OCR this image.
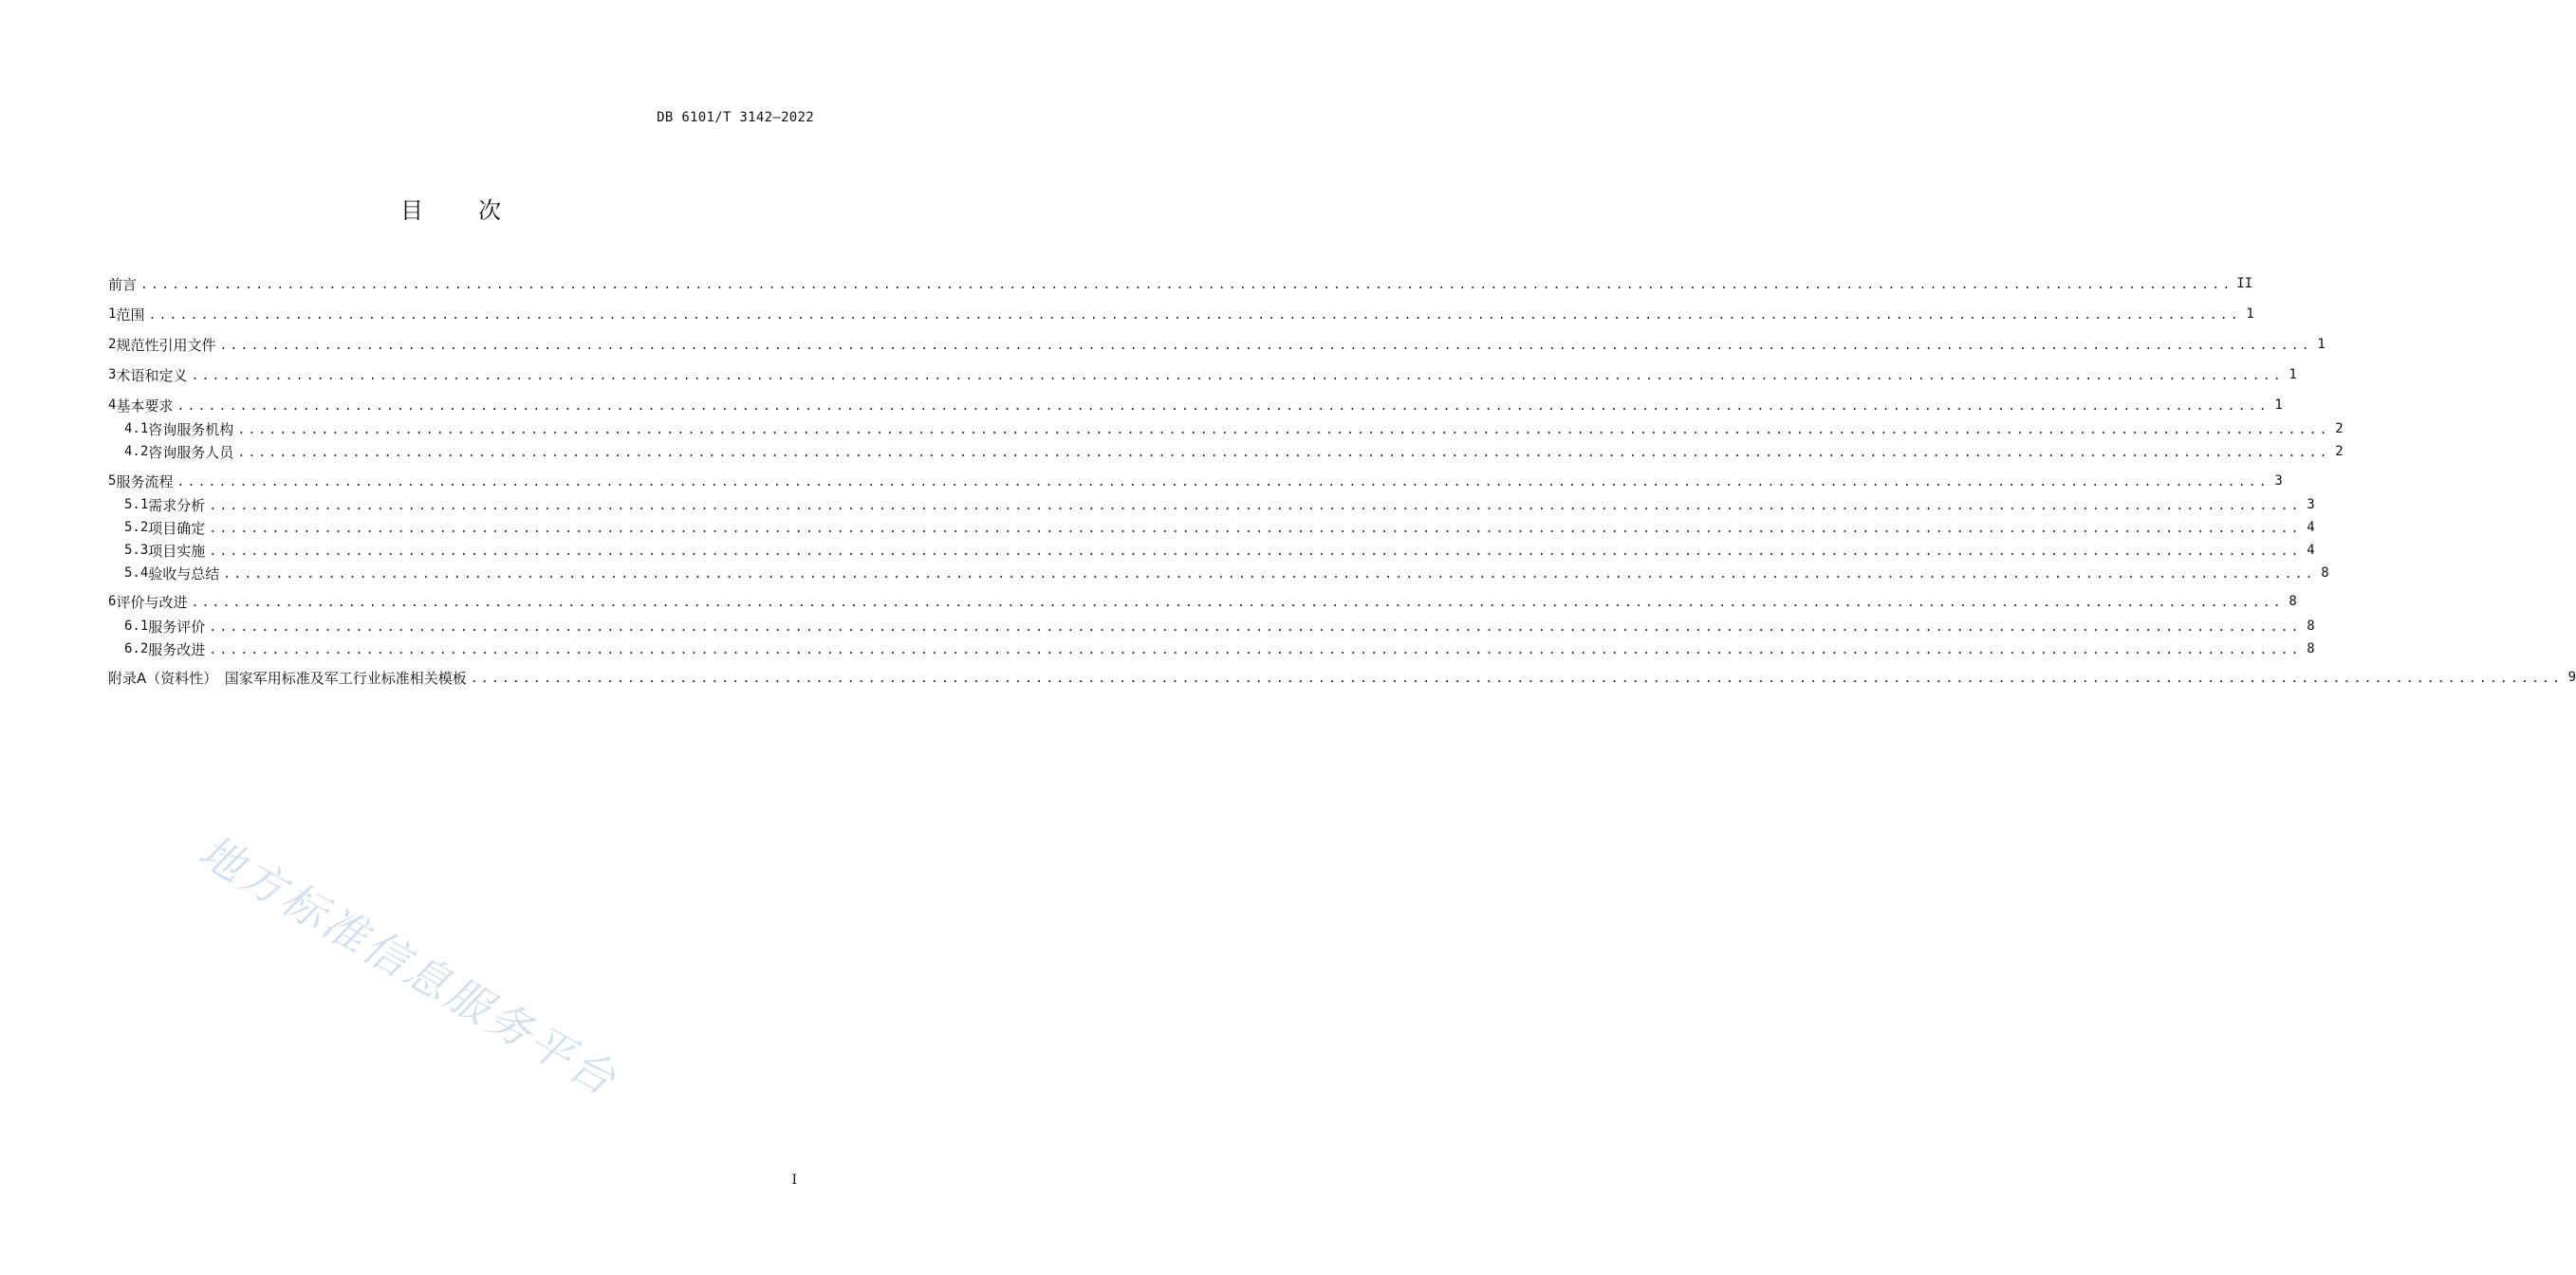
DB 6101/T 3142—2022
目次
前言 ........................................................................................................................................................................................................ II
1 范围 ........................................................................................................................................................................................................ 1
2 规范性引用文件 ........................................................................................................................................................................................................ 1
3 术语和定义 ........................................................................................................................................................................................................ 1
4 基本要求 ........................................................................................................................................................................................................ 1
4.1 咨询服务机构 ........................................................................................................................................................................................................ 2
4.2 咨询服务人员 ........................................................................................................................................................................................................ 2
5 服务流程 ........................................................................................................................................................................................................ 3
5.1 需求分析 ........................................................................................................................................................................................................ 3
5.2 项目确定 ........................................................................................................................................................................................................ 4
5.3 项目实施 ........................................................................................................................................................................................................ 4
5.4 验收与总结 ........................................................................................................................................................................................................ 8
6 评价与改进 ........................................................................................................................................................................................................ 8
6.1 服务评价 ........................................................................................................................................................................................................ 8
6.2 服务改进 ........................................................................................................................................................................................................ 8
附录A（资料性）　国家军用标准及军工行业标准相关模板 ........................................................................................................................................................................................................ 9
地方标准信息服务平台
I
